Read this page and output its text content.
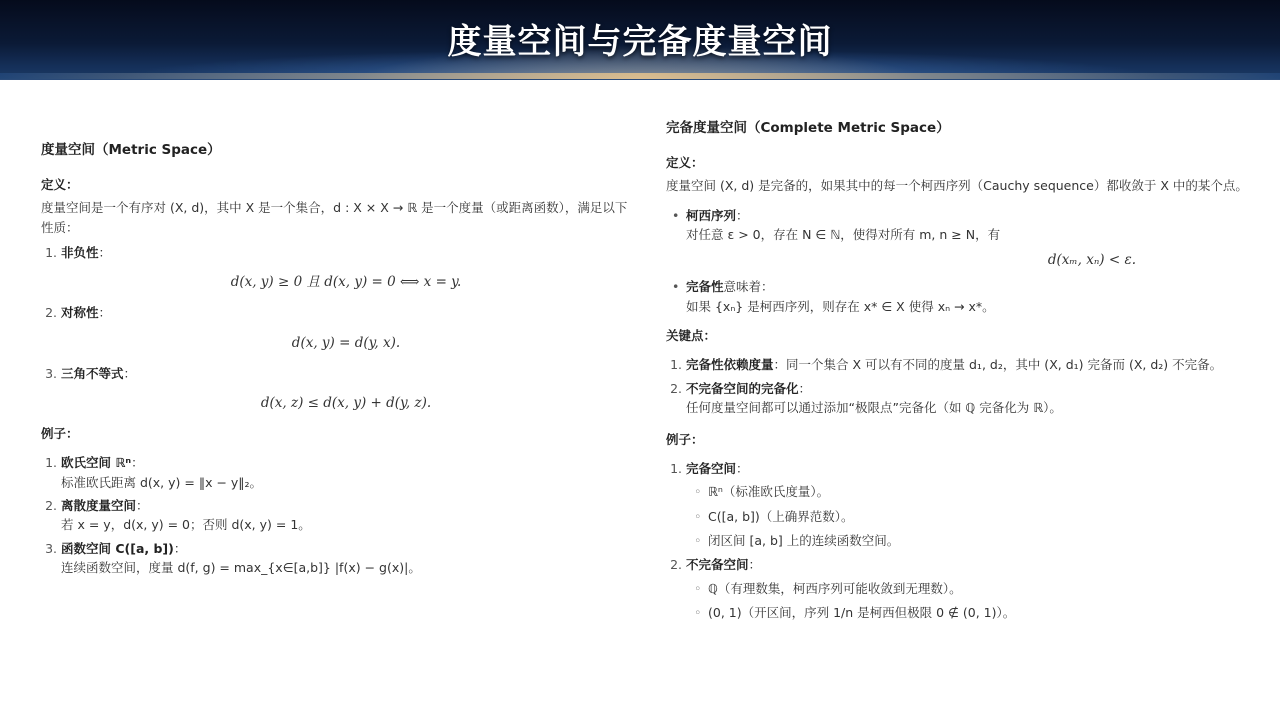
度量空间与完备度量空间
度量空间（Metric Space）
定义：

度量空间是一个有序对 (X, d)，其中 X 是一个集合，d : X × X → ℝ 是一个度量（或距离函数），满足以下性质：

1. 非负性：
d(x, y) ≥ 0 且 d(x, y) = 0 ⟺ x = y.
2. 对称性：
d(x, y) = d(y, x).
3. 三角不等式：
d(x, z) ≤ d(x, y) + d(y, z).
例子：
1. 欧氏空间 ℝⁿ：
标准欧氏距离 d(x, y) = ‖x − y‖₂。
2. 离散度量空间：
若 x = y，d(x, y) = 0；否则 d(x, y) = 1。
3. 函数空间 C([a, b])：
连续函数空间，度量 d(f, g) = max_{x∈[a,b]} |f(x) − g(x)|。
完备度量空间（Complete Metric Space）
定义：

度量空间 (X, d) 是完备的，如果其中的每一个柯西序列（Cauchy sequence）都收敛于 X 中的某个点。

• 柯西序列：
对任意 ε > 0，存在 N ∈ ℕ，使得对所有 m, n ≥ N，有
d(xₘ, xₙ) < ε.
• 完备性意味着：
如果 {xₙ} 是柯西序列，则存在 x* ∈ X 使得 xₙ → x*。
关键点：
1. 完备性依赖度量：同一个集合 X 可以有不同的度量 d₁, d₂，其中 (X, d₁) 完备而 (X, d₂) 不完备。
2. 不完备空间的完备化：
任何度量空间都可以通过添加“极限点”完备化（如 ℚ 完备化为 ℝ）。
例子：
1. 完备空间：
◦ ℝⁿ（标准欧氏度量）。
◦ C([a, b])（上确界范数）。
◦ 闭区间 [a, b] 上的连续函数空间。
2. 不完备空间：
◦ ℚ（有理数集，柯西序列可能收敛到无理数）。
◦ (0, 1)（开区间，序列 1/n 是柯西但极限 0 ∉ (0, 1)）。
